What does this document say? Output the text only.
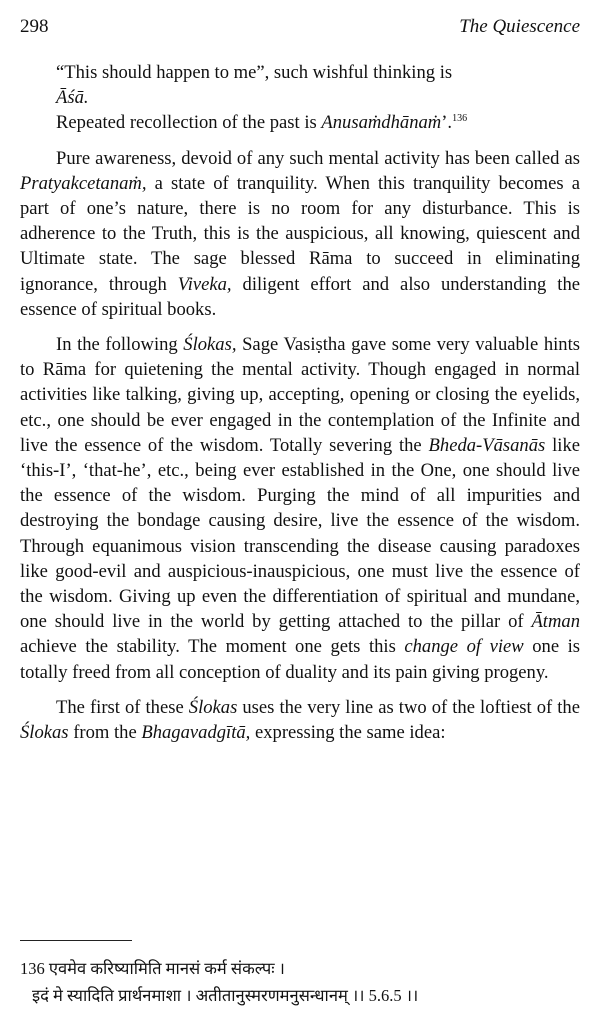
298	The Quiescence
“This should happen to me”, such wishful thinking is
Āśā.
Repeated recollection of the past is Anusaṁdhānaṁ’.$^{136}$

Pure awareness, devoid of any such mental activity has been called as Pratyakcetanaṁ, a state of tranquility. When this tranquility becomes a part of one’s nature, there is no room for any disturbance. This is adherence to the Truth, this is the auspicious, all knowing, quiescent and Ultimate state. The sage blessed Rāma to succeed in eliminating ignorance, through Viveka, diligent effort and also understanding the essence of spiritual books.

In the following Ślokas, Sage Vasiṣtha gave some very valuable hints to Rāma for quietening the mental activity. Though engaged in normal activities like talking, giving up, accepting, opening or closing the eyelids, etc., one should be ever engaged in the contemplation of the Infinite and live the essence of the wisdom. Totally severing the Bheda-Vāsanās like ‘this-I’, ‘that-he’, etc., being ever established in the One, one should live the essence of the wisdom. Purging the mind of all impurities and destroying the bondage causing desire, live the essence of the wisdom. Through equanimous vision transcending the disease causing paradoxes like good-evil and auspicious-inauspicious, one must live the essence of the wisdom. Giving up even the differentiation of spiritual and mundane, one should live in the world by getting attached to the pillar of Ātman achieve the stability. The moment one gets this change of view one is totally freed from all conception of duality and its pain giving progeny.

The first of these Ślokas uses the very line as two of the loftiest of the Ślokas from the Bhagavadgītā, expressing the same idea:

136 एवमेव करिष्यामिति मानसं कर्म संकल्पः ।
इदं मे स्यादिति प्रार्थनमाशा । अतीतानुस्मरणमनुसन्धानम् ।। 5.6.5 ।।
